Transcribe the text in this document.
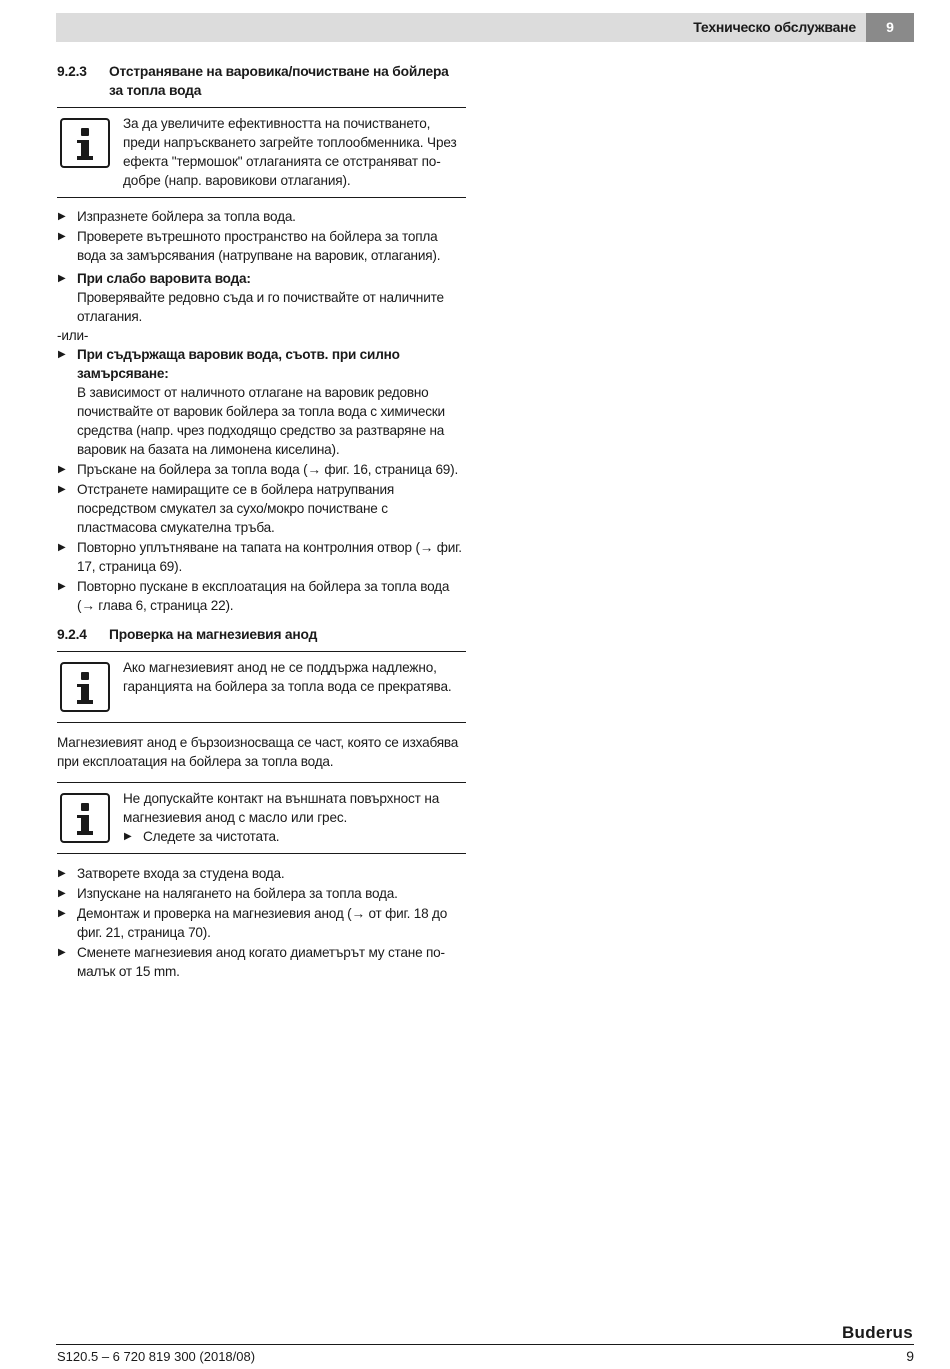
Техническо обслужване	9
9.2.3	Отстраняване на варовика/почистване на бойлера за топла вода
За да увеличите ефективността на почистването, преди напръскването загрейте топлообменника. Чрез ефекта "термошок" отлаганията се отстраняват по-добре (напр. варовикови отлагания).
▶ Изпразнете бойлера за топла вода.
▶ Проверете вътрешното пространство на бойлера за топла вода за замърсявания (натрупване на варовик, отлагания).
▶ При слабо варовита вода:
Проверявайте редовно съда и го почиствайте от наличните отлагания.
-или-
▶ При съдържаща варовик вода, съотв. при силно замърсяване:
В зависимост от наличното отлагане на варовик редовно почиствайте от варовик бойлера за топла вода с химически средства (напр. чрез подходящо средство за разтваряне на варовик на базата на лимонена киселина).
▶ Пръскане на бойлера за топла вода (→ фиг. 16, страница 69).
▶ Отстранете намиращите се в бойлера натрупвания посредством смукател за сухо/мокро почистване с пластмасова смукателна тръба.
▶ Повторно уплътняване на тапата на контролния отвор (→ фиг. 17, страница 69).
▶ Повторно пускане в експлоатация на бойлера за топла вода (→ глава 6, страница 22).
9.2.4	Проверка на магнезиевия анод
Ако магнезиевият анод не се поддържа надлежно, гаранцията на бойлера за топла вода се прекратява.
Магнезиевият анод е бързоизносваща се част, която се изхабява при експлоатация на бойлера за топла вода.
Не допускайте контакт на външната повърхност на магнезиевия анод с масло или грес.
▶ Следете за чистотата.
▶ Затворете входа за студена вода.
▶ Изпускане на налягането на бойлера за топла вода.
▶ Демонтаж и проверка на магнезиевия анод (→ от фиг. 18 до фиг. 21, страница 70).
▶ Сменете магнезиевия анод когато диаметърът му стане по-малък от 15 mm.
Buderus
S120.5 – 6 720 819 300 (2018/08)	9
